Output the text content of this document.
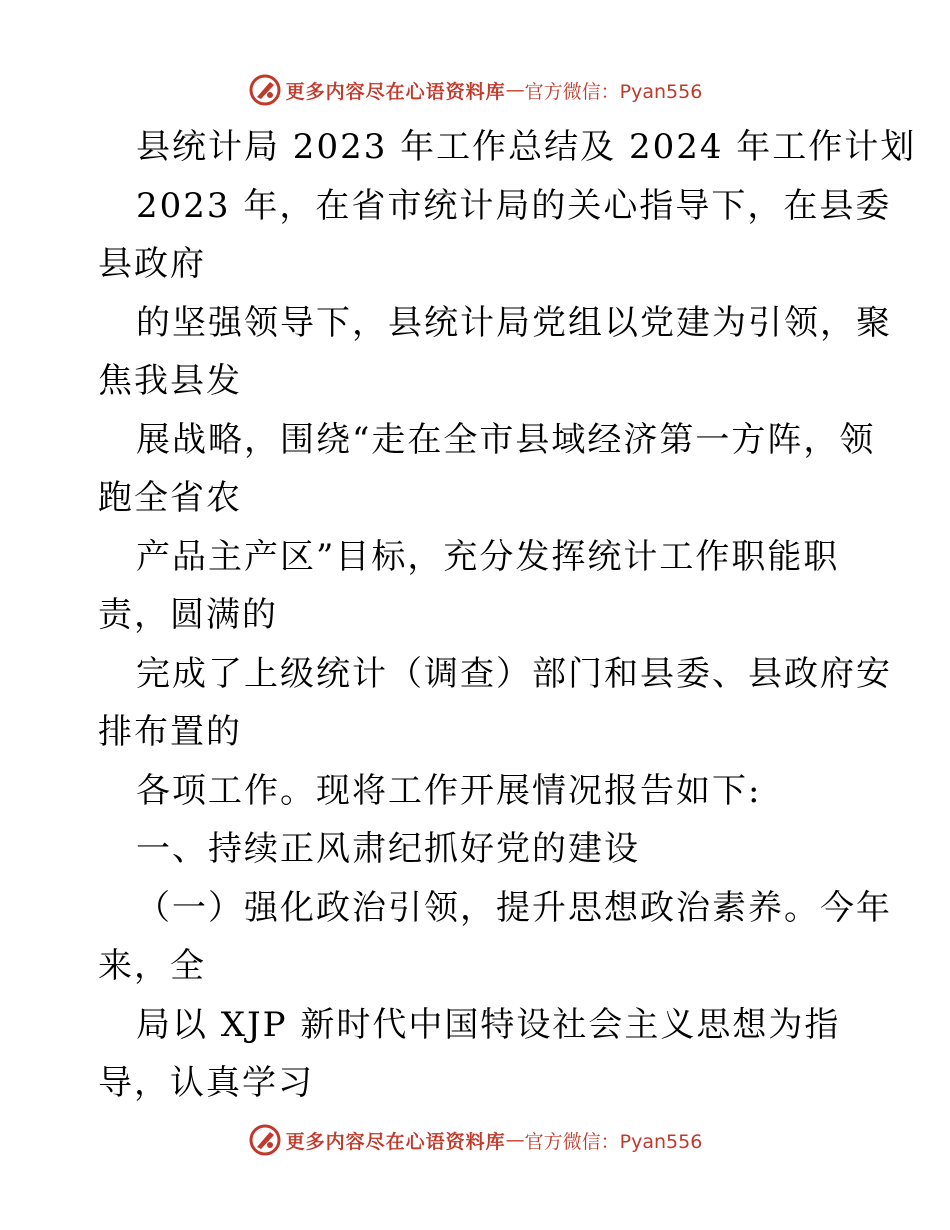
更多内容尽在心语资料库 — 官方微信：Pyan556
县统计局 2023 年工作总结及 2024 年工作计划
2023 年，在省市统计局的关心指导下，在县委
县政府
的坚强领导下，县统计局党组以党建为引领，聚
焦我县发
展战略，围绕“走在全市县域经济第一方阵，领
跑全省农
产品主产区”目标，充分发挥统计工作职能职
责，圆满的
完成了上级统计（调查）部门和县委、县政府安
排布置的
各项工作。现将工作开展情况报告如下:
一、持续正风肃纪抓好党的建设
（一）强化政治引领，提升思想政治素养。今年
来，全
局以 XJP 新时代中国特设社会主义思想为指
导，认真学习
更多内容尽在心语资料库 — 官方微信：Pyan556
